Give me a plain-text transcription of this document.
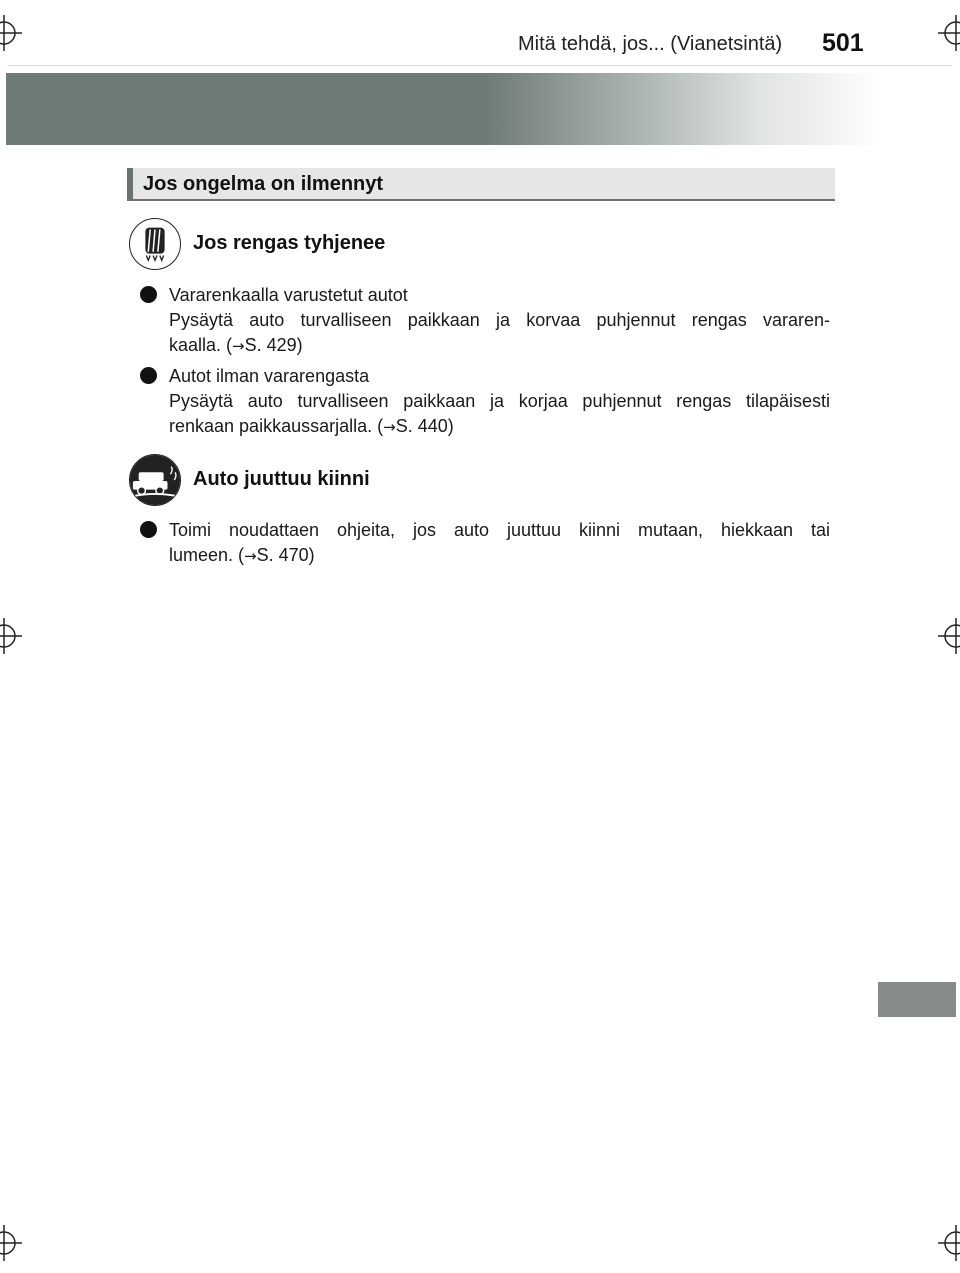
Mitä tehdä, jos... (Vianetsintä) 501
Jos ongelma on ilmennyt
Jos rengas tyhjenee
Vararenkaalla varustetut autot
Pysäytä auto turvalliseen paikkaan ja korvaa puhjennut rengas vararen-
kaalla. (→S. 429)
Autot ilman vararengasta
Pysäytä auto turvalliseen paikkaan ja korjaa puhjennut rengas tilapäisesti
renkaan paikkaussarjalla. (→S. 440)
Auto juuttuu kiinni
Toimi noudattaen ohjeita, jos auto juuttuu kiinni mutaan, hiekkaan tai
lumeen. (→S. 470)
